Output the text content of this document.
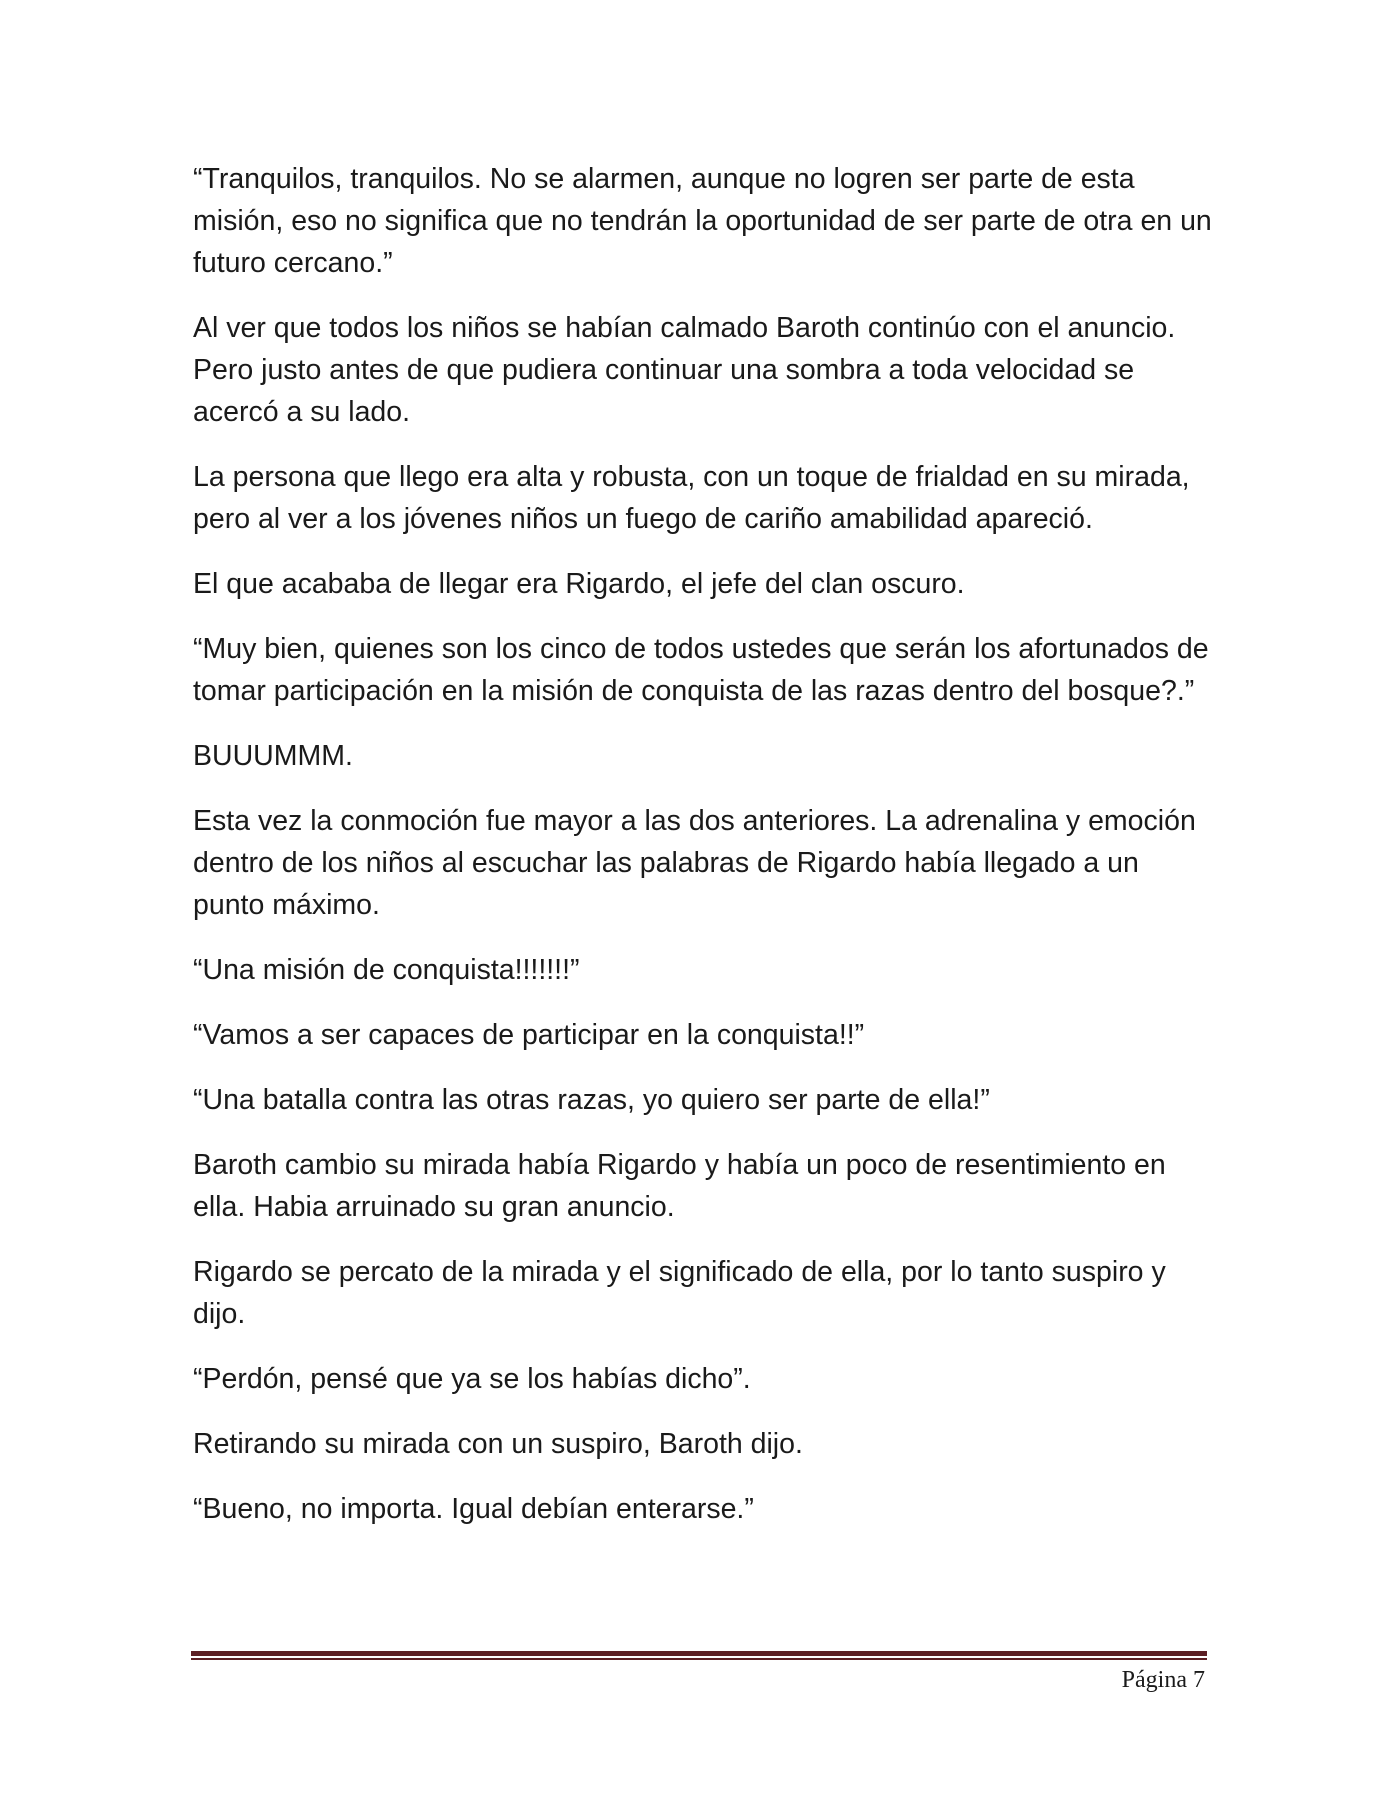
“Tranquilos, tranquilos. No se alarmen, aunque no logren ser parte de esta misión, eso no significa que no tendrán la oportunidad de ser parte de otra en un futuro cercano.”

Al ver que todos los niños se habían calmado Baroth continúo con el anuncio. Pero justo antes de que pudiera continuar una sombra a toda velocidad se acercó a su lado.

La persona que llego era alta y robusta, con un toque de frialdad en su mirada, pero al ver a los jóvenes niños un fuego de cariño amabilidad apareció.

El que acababa de llegar era Rigardo, el jefe del clan oscuro.

“Muy bien, quienes son los cinco de todos ustedes que serán los afortunados de tomar participación en la misión de conquista de las razas dentro del bosque?.”

BUUUMMM.

Esta vez la conmoción fue mayor a las dos anteriores. La adrenalina y emoción dentro de los niños al escuchar las palabras de Rigardo había llegado a un punto máximo.

“Una misión de conquista!!!!!!!”

“Vamos a ser capaces de participar en la conquista!!”

“Una batalla contra las otras razas, yo quiero ser parte de ella!”

Baroth cambio su mirada había Rigardo y había un poco de resentimiento en ella. Habia arruinado su gran anuncio.

Rigardo se percato de la mirada y el significado de ella, por lo tanto suspiro y dijo.

“Perdón, pensé que ya se los habías dicho”.

Retirando su mirada con un suspiro, Baroth dijo.

“Bueno, no importa. Igual debían enterarse.”

Página 7
